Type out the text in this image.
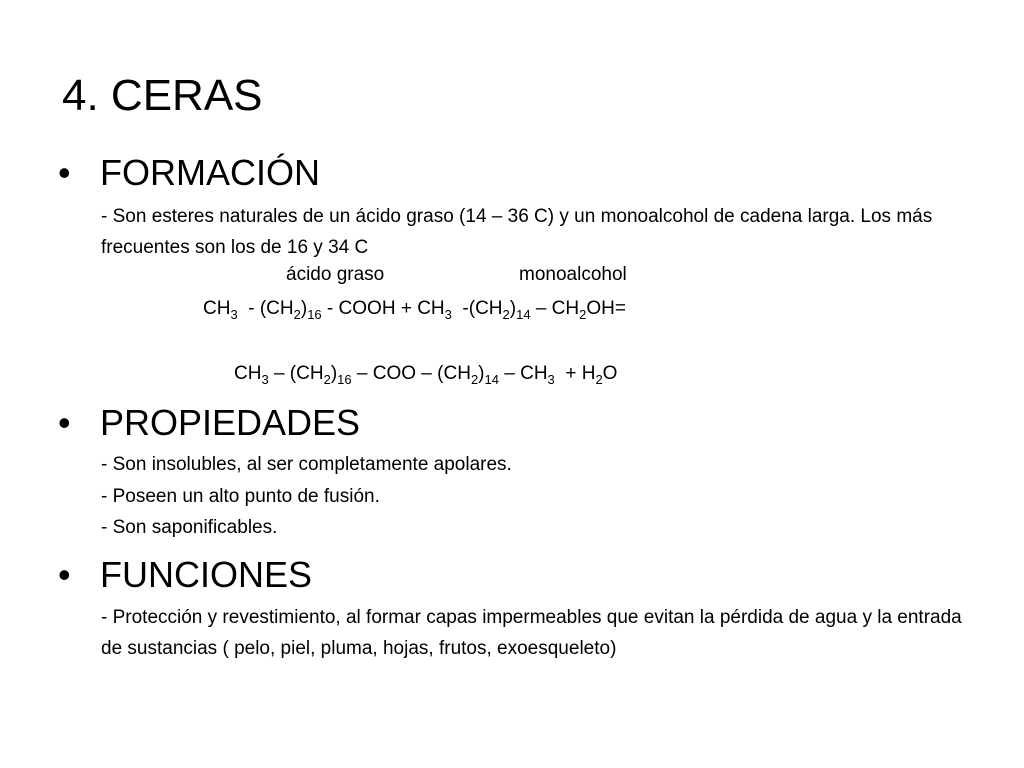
4. CERAS
• FORMACIÓN
- Son esteres naturales de un ácido graso (14 – 36 C) y un monoalcohol de cadena larga. Los más frecuentes son los de 16 y 34 C
ácido graso	monoalcohol
$CH_3 - (CH_2)_{16}$ - COOH + $CH_3$  $-(CH_2)_{14} - CH_2OH=$
$CH_3 - (CH_2)_{16}$ – COO – $(CH_2)_{14} - CH_3 + H_2O$
• PROPIEDADES
- Son insolubles, al ser completamente apolares.
- Poseen un alto punto de fusión.
- Son saponificables.
• FUNCIONES
- Protección y revestimiento, al formar capas impermeables que evitan la pérdida de agua y la entrada de sustancias ( pelo, piel, pluma, hojas, frutos, exoesqueleto)
